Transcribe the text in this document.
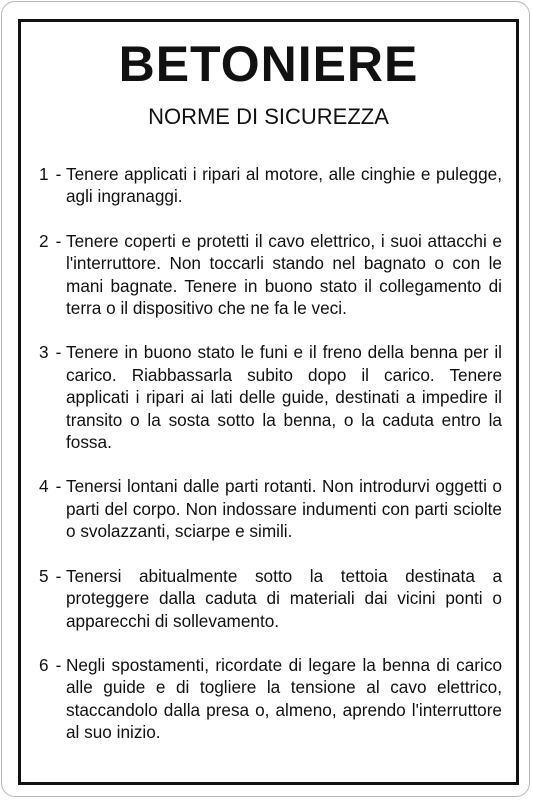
BETONIERE
NORME DI SICUREZZA
1 - Tenere applicati i ripari al motore, alle cinghie e pulegge, agli ingranaggi.
2 - Tenere coperti e protetti il cavo elettrico, i suoi attacchi e l'interruttore. Non toccarli stando nel bagnato o con le mani bagnate. Tenere in buono stato il collegamento di terra o il dispositivo che ne fa le veci.
3 - Tenere in buono stato le funi e il freno della benna per il carico. Riabbassarla subito dopo il carico. Tenere applicati i ripari ai lati delle guide, destinati a impedire il transito o la sosta sotto la benna, o la caduta entro la fossa.
4 - Tenersi lontani dalle parti rotanti. Non introdurvi oggetti o parti del corpo. Non indossare indumenti con parti sciolte o svolazzanti, sciarpe e simili.
5 - Tenersi abitualmente sotto la tettoia destinata a proteggere dalla caduta di materiali dai vicini ponti o apparecchi di sollevamento.
6 - Negli spostamenti, ricordate di legare la benna di carico alle guide e di togliere la tensione al cavo elettrico, staccandolo dalla presa o, almeno, aprendo l'interruttore al suo inizio.
